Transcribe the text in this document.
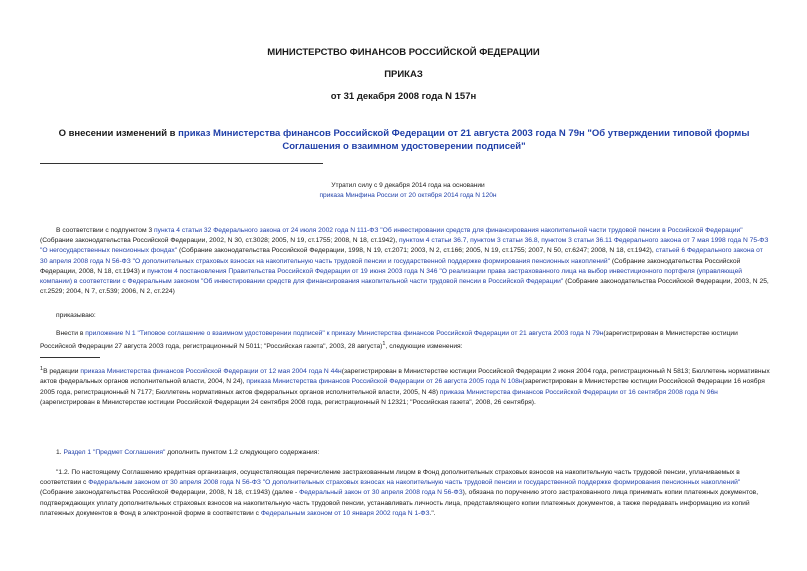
МИНИСТЕРСТВО ФИНАНСОВ РОССИЙСКОЙ ФЕДЕРАЦИИ
ПРИКАЗ
от 31 декабря 2008 года N 157н
О внесении изменений в приказ Министерства финансов Российской Федерации от 21 августа 2003 года N 79н "Об утверждении типовой формы Соглашения о взаимном удостоверении подписей"
Утратил силу с 9 декабря 2014 года на основании
приказа Минфина России от 20 октября 2014 года N 120н
В соответствии с подпунктом 3 пункта 4 статьи 32 Федерального закона от 24 июля 2002 года N 111-ФЗ "Об инвестировании средств для финансирования накопительной части трудовой пенсии в Российской Федерации" (Собрание законодательства Российской Федерации, 2002, N 30, ст.3028; 2005, N 19, ст.1755; 2008, N 18, ст.1942), пунктом 4 статьи 36.7, пунктом 3 статьи 36.8, пунктом 3 статьи 36.11 Федерального закона от 7 мая 1998 года N 75-ФЗ "О негосударственных пенсионных фондах" (Собрание законодательства Российской Федерации, 1998, N 19, ст.2071; 2003, N 2, ст.166; 2005, N 19, ст.1755; 2007, N 50, ст.6247; 2008, N 18, ст.1942), статьей 6 Федерального закона от 30 апреля 2008 года N 56-ФЗ "О дополнительных страховых взносах на накопительную часть трудовой пенсии и государственной поддержке формирования пенсионных накоплений" (Собрание законодательства Российской Федерации, 2008, N 18, ст.1943) и пунктом 4 постановления Правительства Российской Федерации от 19 июня 2003 года N 346 "О реализации права застрахованного лица на выбор инвестиционного портфеля (управляющей компании) в соответствии с Федеральным законом "Об инвестировании средств для финансирования накопительной части трудовой пенсии в Российской Федерации" (Собрание законодательства Российской Федерации, 2003, N 25, ст.2529; 2004, N 7, ст.539; 2006, N 2, ст.224)
приказываю:
Внести в приложение N 1 "Типовое соглашение о взаимном удостоверении подписей" к приказу Министерства финансов Российской Федерации от 21 августа 2003 года N 79н(зарегистрирован в Министерстве юстиции Российской Федерации 27 августа 2003 года, регистрационный N 5011; "Российская газета", 2003, 28 августа)$^1$, следующие изменения:
$^1$В редакции приказа Министерства финансов Российской Федерации от 12 мая 2004 года N 44н(зарегистрирован в Министерстве юстиции Российской Федерации 2 июня 2004 года, регистрационный N 5813; Бюллетень нормативных актов федеральных органов исполнительной власти, 2004, N 24), приказа Министерства финансов Российской Федерации от 26 августа 2005 года N 108н(зарегистрирован в Министерстве юстиции Российской Федерации 16 ноября 2005 года, регистрационный N 7177; Бюллетень нормативных актов федеральных органов исполнительной власти, 2005, N 48) приказа Министерства финансов Российской Федерации от 16 сентября 2008 года N 96н (зарегистрирован в Министерстве юстиции Российской Федерации 24 сентября 2008 года, регистрационный N 12321; "Российская газета", 2008, 26 сентября).
1. Раздел 1 "Предмет Соглашения" дополнить пунктом 1.2 следующего содержания:
"1.2. По настоящему Соглашению кредитная организация, осуществляющая перечисление застрахованным лицом в Фонд дополнительных страховых взносов на накопительную часть трудовой пенсии, уплачиваемых в соответствии с Федеральным законом от 30 апреля 2008 года N 56-ФЗ "О дополнительных страховых взносах на накопительную часть трудовой пенсии и государственной поддержке формирования пенсионных накоплений" (Собрание законодательства Российской Федерации, 2008, N 18, ст.1943) (далее - Федеральный закон от 30 апреля 2008 года N 56-ФЗ), обязана по поручению этого застрахованного лица принимать копии платежных документов, подтверждающих уплату дополнительных страховых взносов на накопительную часть трудовой пенсии, устанавливать личность лица, представляющего копии платежных документов, а также передавать информацию из копий платежных документов в Фонд в электронной форме в соответствии с Федеральным законом от 10 января 2002 года N 1-ФЗ.".
